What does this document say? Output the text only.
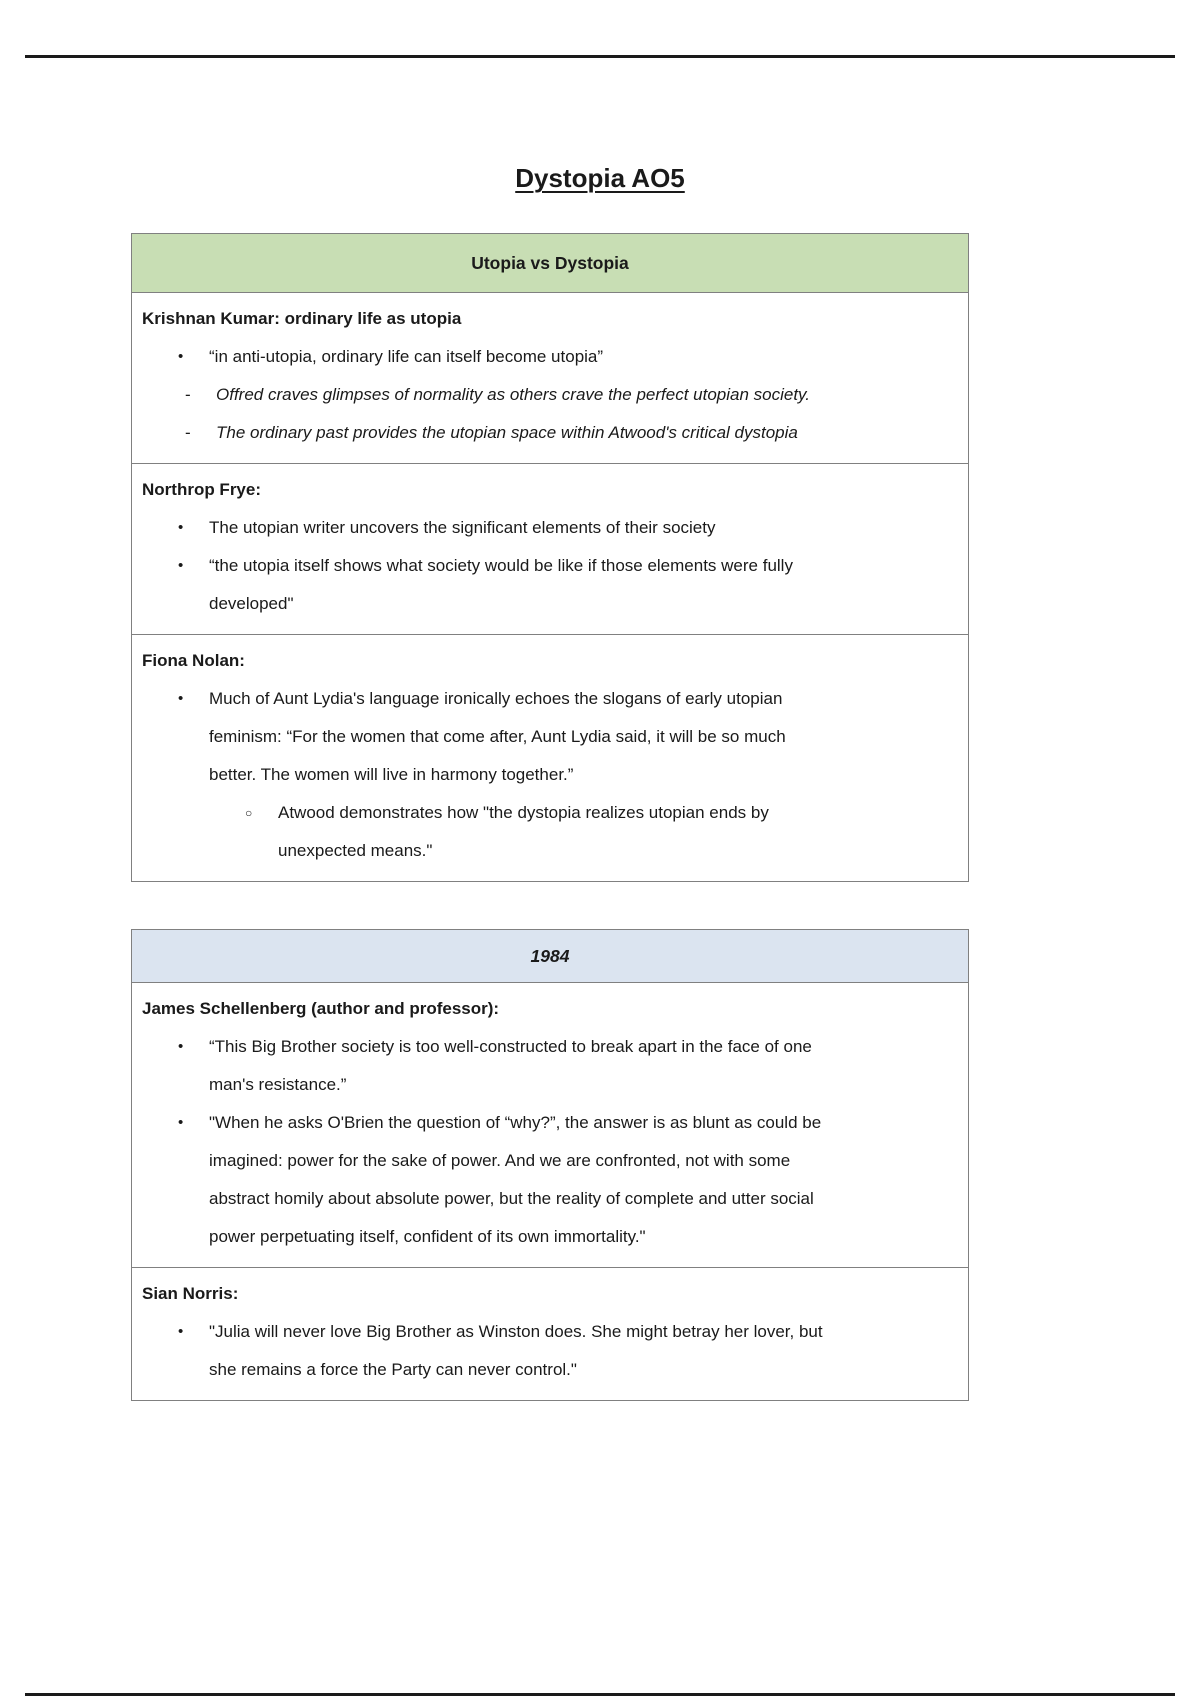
Dystopia AO5
Utopia vs Dystopia
Krishnan Kumar: ordinary life as utopia
• “in anti-utopia, ordinary life can itself become utopia”
- Offred craves glimpses of normality as others crave the perfect utopian society.
- The ordinary past provides the utopian space within Atwood's critical dystopia
Northrop Frye:
• The utopian writer uncovers the significant elements of their society
• “the utopia itself shows what society would be like if those elements were fully
developed"
Fiona Nolan:
• Much of Aunt Lydia's language ironically echoes the slogans of early utopian
feminism: “For the women that come after, Aunt Lydia said, it will be so much
better. The women will live in harmony together.”
○ Atwood demonstrates how "the dystopia realizes utopian ends by
unexpected means."
1984
James Schellenberg (author and professor):
• “This Big Brother society is too well-constructed to break apart in the face of one
man's resistance.”
• "When he asks O'Brien the question of “why?”, the answer is as blunt as could be
imagined: power for the sake of power. And we are confronted, not with some
abstract homily about absolute power, but the reality of complete and utter social
power perpetuating itself, confident of its own immortality."
Sian Norris:
• "Julia will never love Big Brother as Winston does. She might betray her lover, but
she remains a force the Party can never control."
